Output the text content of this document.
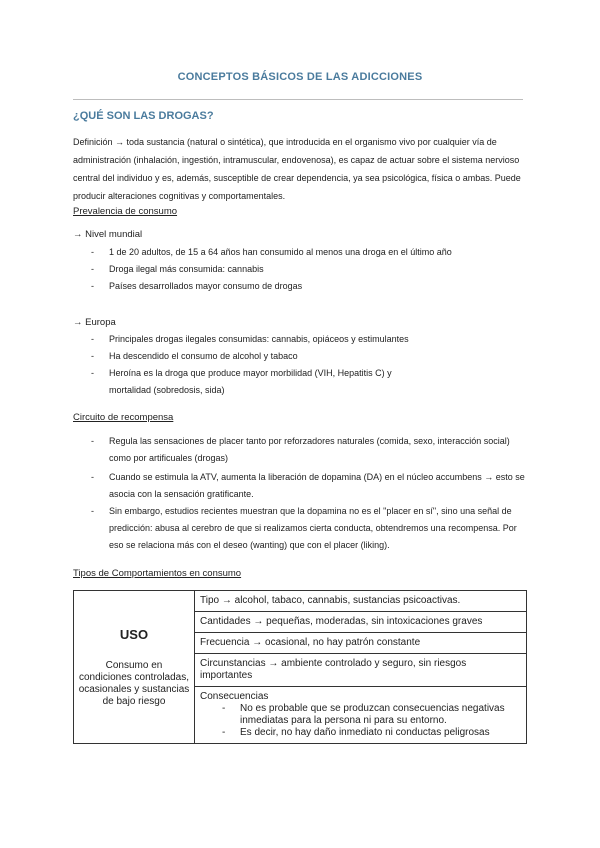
CONCEPTOS BÁSICOS DE LAS ADICCIONES
¿QUÉ SON LAS DROGAS?
Definición → toda sustancia (natural o sintética), que introducida en el organismo vivo por cualquier vía de administración (inhalación, ingestión, intramuscular, endovenosa), es capaz de actuar sobre el sistema nervioso central del individuo y es, además, susceptible de crear dependencia, ya sea psicológica, física o ambas. Puede producir alteraciones cognitivas y comportamentales.
Prevalencia de consumo
→ Nivel mundial
- 1 de 20 adultos, de 15 a 64 años han consumido al menos una droga en el último año
- Droga ilegal más consumida: cannabis
- Países desarrollados mayor consumo de drogas
→ Europa
- Principales drogas ilegales consumidas: cannabis, opiáceos y estimulantes
- Ha descendido el consumo de alcohol y tabaco
- Heroína es la droga que produce mayor morbilidad (VIH, Hepatitis C) y mortalidad (sobredosis, sida)
Circuito de recompensa
- Regula las sensaciones de placer tanto por reforzadores naturales (comida, sexo, interacción social) como por artificuales (drogas)
- Cuando se estimula la ATV, aumenta la liberación de dopamina (DA) en el núcleo accumbens → esto se asocia con la sensación gratificante.
- Sin embargo, estudios recientes muestran que la dopamina no es el "placer en sí", sino una señal de predicción: abusa al cerebro de que si realizamos cierta conducta, obtendremos una recompensa. Por eso se relaciona más con el deseo (wanting) que con el placer (liking).
Tipos de Comportamientos en consumo
USO
Consumo en condiciones controladas, ocasionales y sustancias de bajo riesgo
	Tipo → alcohol, tabaco, cannabis, sustancias psicoactivas.
Cantidades → pequeñas, moderadas, sin intoxicaciones graves
Frecuencia → ocasional, no hay patrón constante
Circunstancias → ambiente controlado y seguro, sin riesgos importantes

Consecuencias
- No es probable que se produzcan consecuencias negativas inmediatas para la persona ni para su entorno.
- Es decir, no hay daño inmediato ni conductas peligrosas
